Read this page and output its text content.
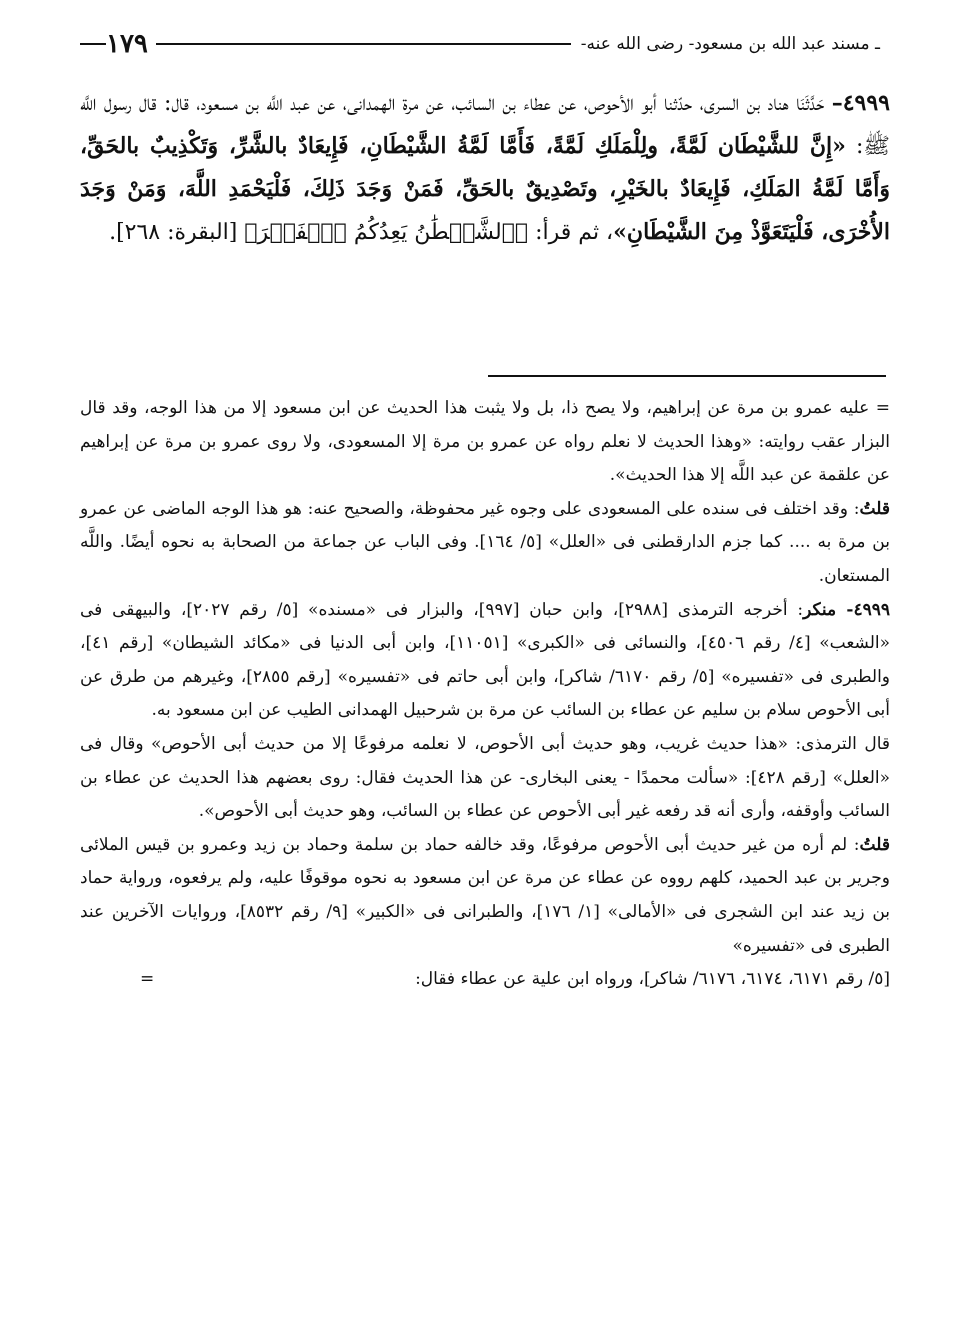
ـ مسند عبد الله بن مسعود- رضى الله عنه-
١٧٩
٤٩٩٩– حَدَّثَنَا هناد بن السرى، حدّثنا أبو الأحوص، عن عطاء بن السائب، عن مرة الهمدانى، عن عبد اللَّه بن مسعود، قال: قال رسول اللَّه ﷺ: «إِنَّ للشَّيْطَان لَمَّةً، ولِلْمَلَكِ لَمَّةً، فَأَمَّا لَمَّةُ الشَّيْطَانِ، فَإِيعَادٌ بالشَّرِّ، وَتَكْذِيبٌ بالحَقِّ، وَأَمَّا لَمَّةُ المَلَكِ، فَإِيعَادٌ بالخَيْرِ، وتَصْدِيقٌ بالحَقِّ، فَمَنْ وَجَدَ ذَلِكَ، فَلْيَحْمَدِ اللَّهَ، وَمَنْ وَجَدَ الأُخْرَى، فَلْيَتَعَوَّذْ مِنَ الشَّيْطَانِ»، ثم قرأ: ﴿ٱلشَّيۡطَٰنُ يَعِدُكُمُ ٱلۡفَقۡرَ﴾ [البقرة: ٢٦٨].

= عليه عمرو بن مرة عن إبراهيم، ولا يصح ذا، بل ولا يثبت هذا الحديث عن ابن مسعود إلا من هذا الوجه، وقد قال البزار عقب روايته: «وهذا الحديث لا نعلم رواه عن عمرو بن مرة إلا المسعودى، ولا روى عمرو بن مرة عن إبراهيم عن علقمة عن عبد اللَّه إلا هذا الحديث».

قلتُ: وقد اختلف فى سنده على المسعودى على وجوه غير محفوظة، والصحيح عنه: هو هذا الوجه الماضى عن عمرو بن مرة به .... كما جزم الدارقطنى فى «العلل» [٥/ ١٦٤]. وفى الباب عن جماعة من الصحابة به نحوه أيضًا. واللَّه المستعان.

٤٩٩٩- منكر: أخرجه الترمذى [٢٩٨٨]، وابن حبان [٩٩٧]، والبزار فى «مسنده» [٥/ رقم ٢٠٢٧]، والبيهقى فى «الشعب» [٤/ رقم ٤٥٠٦]، والنسائى فى «الكبرى» [١١٠٥١]، وابن أبى الدنيا فى «مكائد الشيطان» [رقم ٤١]، والطبرى فى «تفسيره» [٥/ رقم ٦١٧٠/ شاكر]، وابن أبى حاتم فى «تفسيره» [رقم ٢٨٥٥]، وغيرهم من طرق عن أبى الأحوص سلام بن سليم عن عطاء بن السائب عن مرة بن شرحبيل الهمدانى الطيب عن ابن مسعود به.

قال الترمذى: «هذا حديث غريب، وهو حديث أبى الأحوص، لا نعلمه مرفوعًا إلا من حديث أبى الأحوص» وقال فى «العلل» [رقم ٤٢٨]: «سألت محمدًا - يعنى البخارى- عن هذا الحديث فقال: روى بعضهم هذا الحديث عن عطاء بن السائب وأوقفه، وأرى أنه قد رفعه غير أبى الأحوص عن عطاء بن السائب، وهو حديث أبى الأحوص».

قلتُ: لم أره من غير حديث أبى الأحوص مرفوعًا، وقد خالفه حماد بن سلمة وحماد بن زيد وعمرو بن قيس الملائى وجرير بن عبد الحميد، كلهم رووه عن عطاء عن مرة عن ابن مسعود به نحوه موقوفًا عليه، ولم يرفعوه، ورواية حماد بن زيد عند ابن الشجرى فى «الأمالى» [١/ ١٧٦]، والطبرانى فى «الكبير» [٩/ رقم ٨٥٣٢]، وروايات الآخرين عند الطبرى فى «تفسيره»

[٥/ رقم ٦١٧١، ٦١٧٤، ٦١٧٦/ شاكر]، ورواه ابن علية عن عطاء فقال:
=
